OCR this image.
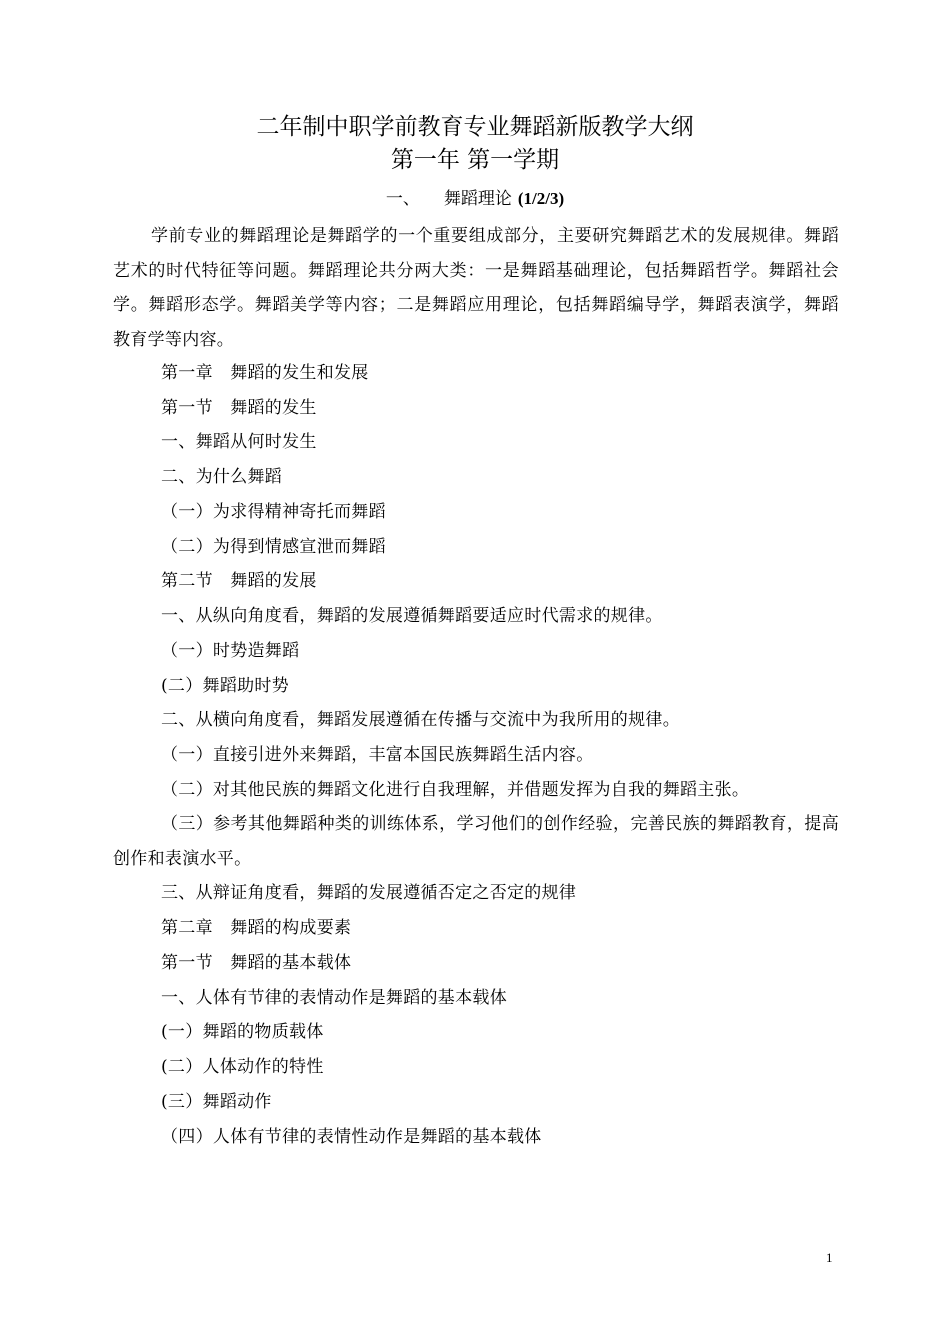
二年制中职学前教育专业舞蹈新版教学大纲
第一年 第一学期
一、 舞蹈理论 (1/2/3)
学前专业的舞蹈理论是舞蹈学的一个重要组成部分，主要研究舞蹈艺术的发展规律。舞蹈艺术的时代特征等问题。舞蹈理论共分两大类：一是舞蹈基础理论，包括舞蹈哲学。舞蹈社会学。舞蹈形态学。舞蹈美学等内容；二是舞蹈应用理论，包括舞蹈编导学，舞蹈表演学，舞蹈教育学等内容。
第一章　舞蹈的发生和发展
第一节　舞蹈的发生
一、舞蹈从何时发生
二、为什么舞蹈
（一）为求得精神寄托而舞蹈
（二）为得到情感宣泄而舞蹈
第二节　舞蹈的发展
一、从纵向角度看，舞蹈的发展遵循舞蹈要适应时代需求的规律。
（一）时势造舞蹈
(二）舞蹈助时势
二、从横向角度看，舞蹈发展遵循在传播与交流中为我所用的规律。
（一）直接引进外来舞蹈，丰富本国民族舞蹈生活内容。
（二）对其他民族的舞蹈文化进行自我理解，并借题发挥为自我的舞蹈主张。
（三）参考其他舞蹈种类的训练体系，学习他们的创作经验，完善民族的舞蹈教育，提高创作和表演水平。
三、从辩证角度看，舞蹈的发展遵循否定之否定的规律
第二章　舞蹈的构成要素
第一节　舞蹈的基本载体
一、人体有节律的表情动作是舞蹈的基本载体
(一）舞蹈的物质载体
(二）人体动作的特性
(三）舞蹈动作
（四）人体有节律的表情性动作是舞蹈的基本载体
1
